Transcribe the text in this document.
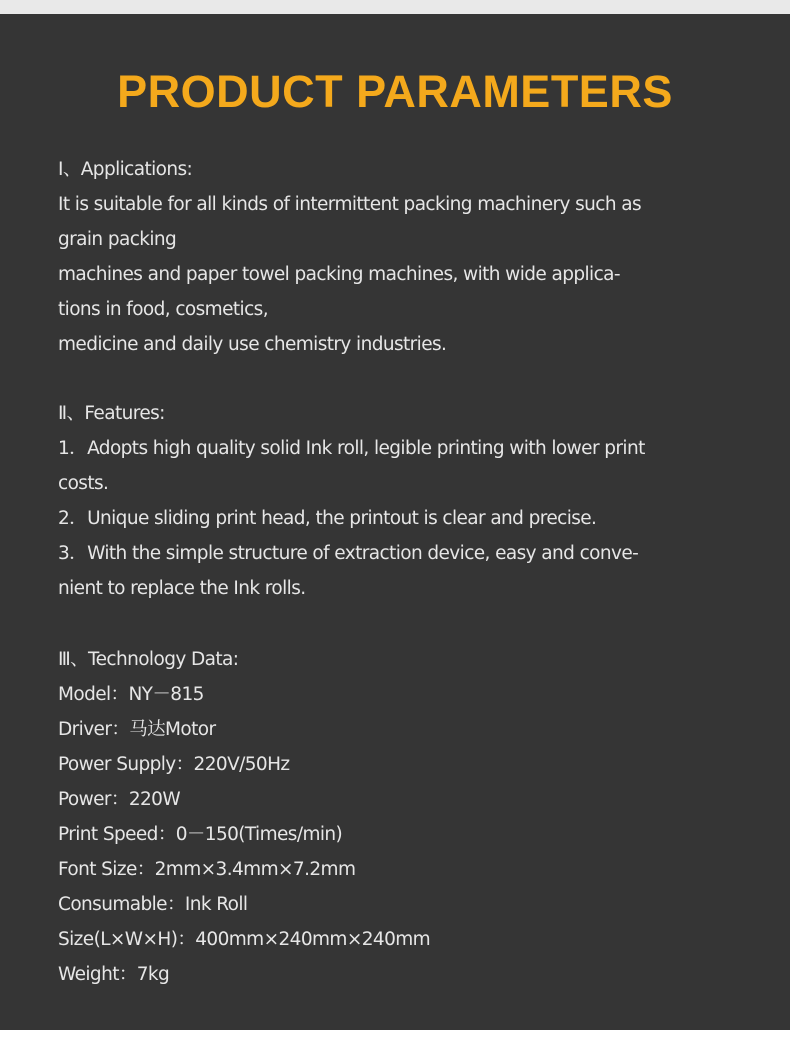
PRODUCT PARAMETERS
Ⅰ、Applications:
It is suitable for all kinds of intermittent packing machinery such as
grain packing
machines and paper towel packing machines, with wide applica-
tions in food, cosmetics,
medicine and daily use chemistry industries.
Ⅱ、Features:
1．Adopts high quality solid Ink roll, legible printing with lower print
costs.
2．Unique sliding print head, the printout is clear and precise.
3．With the simple structure of extraction device, easy and conve-
nient to replace the Ink rolls.
Ⅲ、Technology Data:
Model：NY－815
Driver：马达Motor
Power Supply：220V/50Hz
Power：220W
Print Speed：0－150(Times/min)
Font Size：2mm×3.4mm×7.2mm
Consumable：Ink Roll
Size(L×W×H)：400mm×240mm×240mm
Weight：7kg
